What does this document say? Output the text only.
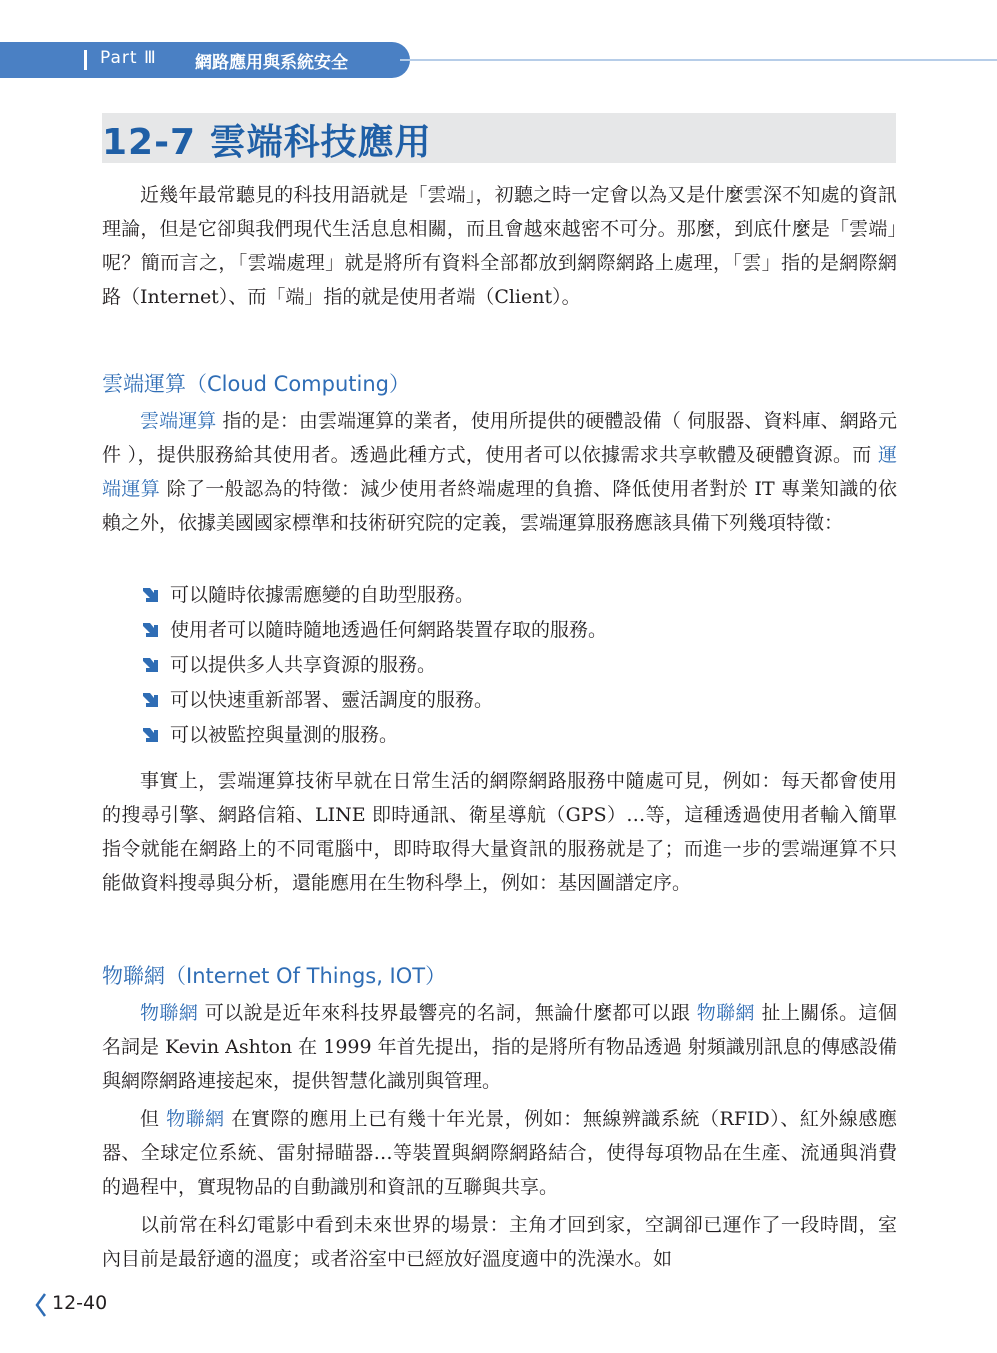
Part Ⅲ 網路應用與系統安全
12-7 雲端科技應用

近幾年最常聽見的科技用語就是「雲端」，初聽之時一定會以為又是什麼雲深不知處的資訊理論，但是它卻與我們現代生活息息相關，而且會越來越密不可分。那麼，到底什麼是「雲端」呢？簡而言之，「雲端處理」就是將所有資料全部都放到網際網路上處理，「雲」指的是網際網路（Internet）、而「端」指的就是使用者端（Client）。

雲端運算（Cloud Computing）

雲端運算 指的是：由雲端運算的業者，使用所提供的硬體設備（ 伺服器、資料庫、網路元件 ），提供服務給其使用者。透過此種方式，使用者可以依據需求共享軟體及硬體資源。而 運端運算 除了一般認為的特徵：減少使用者終端處理的負擔、降低使用者對於 IT 專業知識的依賴之外，依據美國國家標準和技術研究院的定義，雲端運算服務應該具備下列幾項特徵：

可以隨時依據需應變的自助型服務。
使用者可以隨時隨地透過任何網路裝置存取的服務。
可以提供多人共享資源的服務。
可以快速重新部署、靈活調度的服務。
可以被監控與量測的服務。

事實上，雲端運算技術早就在日常生活的網際網路服務中隨處可見，例如：每天都會使用的搜尋引擎、網路信箱、LINE 即時通訊、衛星導航（GPS）…等，這種透過使用者輸入簡單指令就能在網路上的不同電腦中，即時取得大量資訊的服務就是了；而進一步的雲端運算不只能做資料搜尋與分析，還能應用在生物科學上，例如：基因圖譜定序。

物聯網（Internet Of Things, IOT）

物聯網 可以說是近年來科技界最響亮的名詞，無論什麼都可以跟 物聯網 扯上關係。這個名詞是 Kevin Ashton 在 1999 年首先提出，指的是將所有物品透過 射頻識別訊息的傳感設備與網際網路連接起來，提供智慧化識別與管理。

但 物聯網 在實際的應用上已有幾十年光景，例如：無線辨識系統（RFID）、紅外線感應器、全球定位系統、雷射掃瞄器…等裝置與網際網路結合，使得每項物品在生產、流通與消費的過程中，實現物品的自動識別和資訊的互聯與共享。

以前常在科幻電影中看到未來世界的場景：主角才回到家，空調卻已運作了一段時間，室內目前是最舒適的溫度；或者浴室中已經放好溫度適中的洗澡水。如

12-40
